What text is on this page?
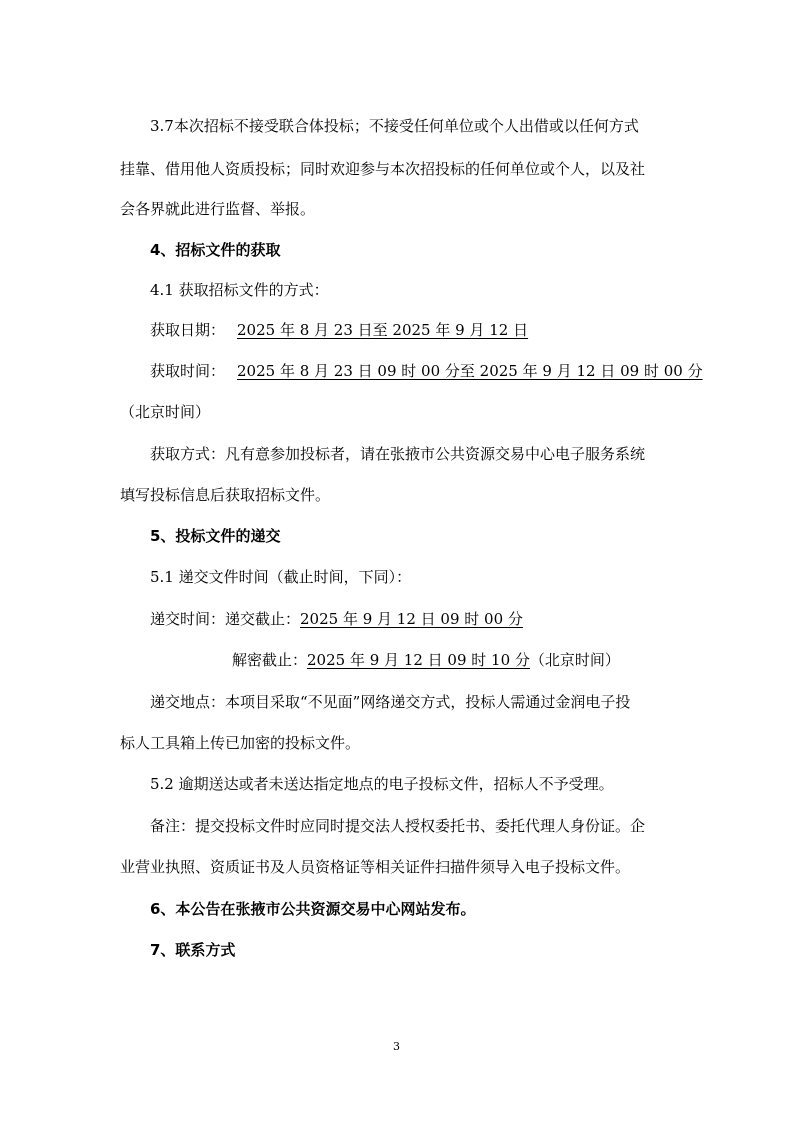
3.7本次招标不接受联合体投标；不接受任何单位或个人出借或以任何方式
挂靠、借用他人资质投标；同时欢迎参与本次招投标的任何单位或个人，以及社
会各界就此进行监督、举报。
4、招标文件的获取
4.1 获取招标文件的方式：
获取日期： 2025 年 8 月 23 日至 2025 年 9 月 12 日
获取时间： 2025 年 8 月 23 日 09 时 00 分至 2025 年 9 月 12 日 09 时 00 分
（北京时间）
获取方式：凡有意参加投标者，请在张掖市公共资源交易中心电子服务系统
填写投标信息后获取招标文件。
5、投标文件的递交
5.1 递交文件时间（截止时间，下同）：
递交时间：递交截止：2025 年 9 月 12 日 09 时 00 分
解密截止：2025 年 9 月 12 日 09 时 10 分（北京时间）
递交地点：本项目采取“不见面”网络递交方式，投标人需通过金润电子投
标人工具箱上传已加密的投标文件。
5.2 逾期送达或者未送达指定地点的电子投标文件，招标人不予受理。
备注：提交投标文件时应同时提交法人授权委托书、委托代理人身份证。企
业营业执照、资质证书及人员资格证等相关证件扫描件须导入电子投标文件。
6、本公告在张掖市公共资源交易中心网站发布。
7、联系方式
3
